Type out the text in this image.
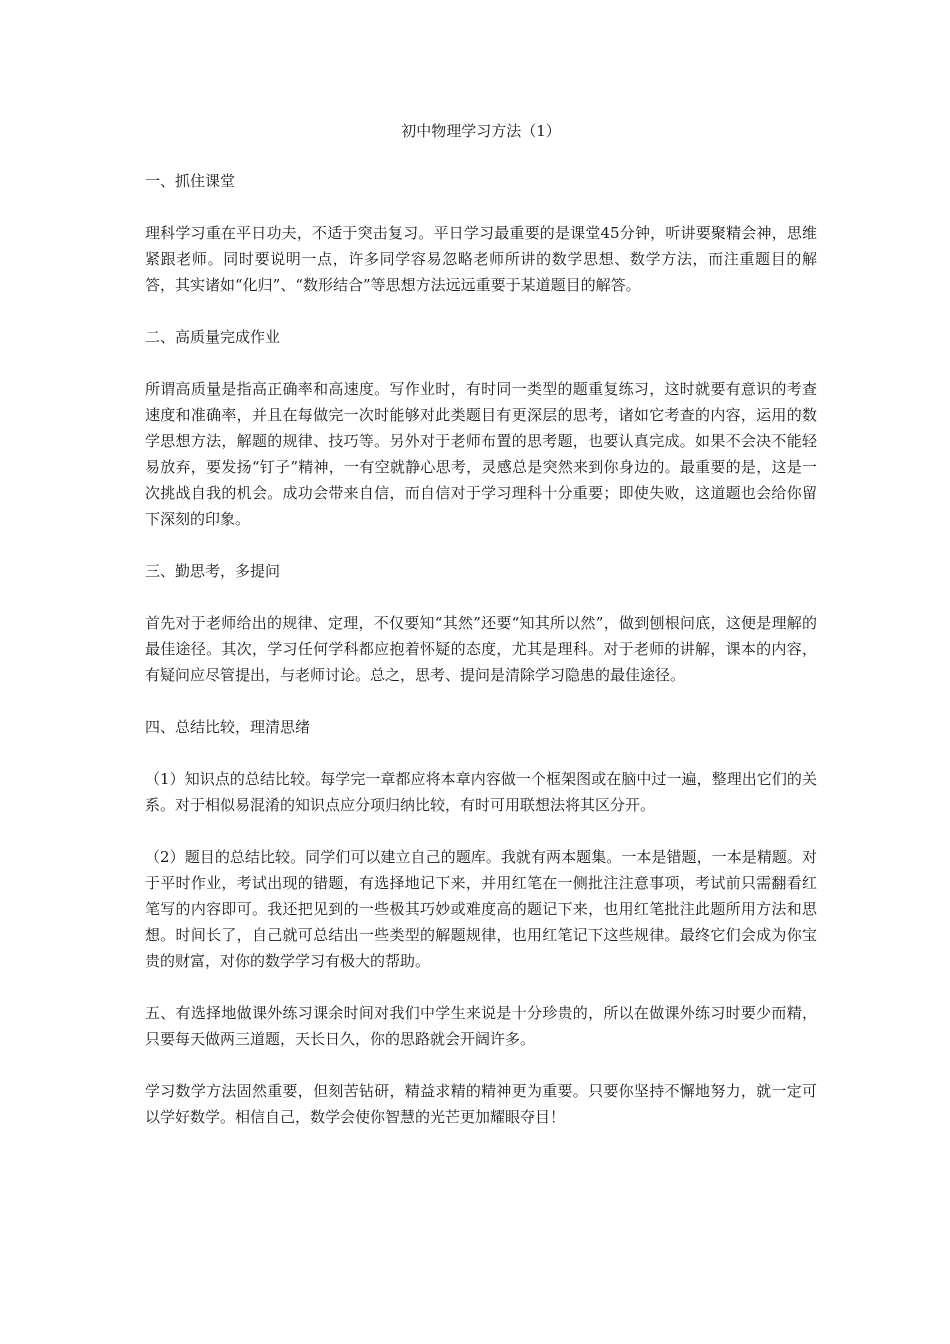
初中物理学习方法（1）
一、抓住课堂
理科学习重在平日功夫，不适于突击复习。平日学习最重要的是课堂45分钟，听讲要聚精会神，思维紧跟老师。同时要说明一点，许多同学容易忽略老师所讲的数学思想、数学方法，而注重题目的解答，其实诸如“化归”、“数形结合”等思想方法远远重要于某道题目的解答。
二、高质量完成作业
所谓高质量是指高正确率和高速度。写作业时，有时同一类型的题重复练习，这时就要有意识的考查速度和准确率，并且在每做完一次时能够对此类题目有更深层的思考，诸如它考查的内容，运用的数学思想方法，解题的规律、技巧等。另外对于老师布置的思考题，也要认真完成。如果不会决不能轻易放弃，要发扬“钉子”精神，一有空就静心思考，灵感总是突然来到你身边的。最重要的是，这是一次挑战自我的机会。成功会带来自信，而自信对于学习理科十分重要；即使失败，这道题也会给你留下深刻的印象。
三、勤思考，多提问
首先对于老师给出的规律、定理，不仅要知“其然”还要“知其所以然”，做到刨根问底，这便是理解的最佳途径。其次，学习任何学科都应抱着怀疑的态度，尤其是理科。对于老师的讲解，课本的内容，有疑问应尽管提出，与老师讨论。总之，思考、提问是清除学习隐患的最佳途径。
四、总结比较，理清思绪
（1）知识点的总结比较。每学完一章都应将本章内容做一个框架图或在脑中过一遍，整理出它们的关系。对于相似易混淆的知识点应分项归纳比较，有时可用联想法将其区分开。
（2）题目的总结比较。同学们可以建立自己的题库。我就有两本题集。一本是错题，一本是精题。对于平时作业，考试出现的错题，有选择地记下来，并用红笔在一侧批注注意事项，考试前只需翻看红笔写的内容即可。我还把见到的一些极其巧妙或难度高的题记下来，也用红笔批注此题所用方法和思想。时间长了，自己就可总结出一些类型的解题规律，也用红笔记下这些规律。最终它们会成为你宝贵的财富，对你的数学学习有极大的帮助。
五、有选择地做课外练习课余时间对我们中学生来说是十分珍贵的，所以在做课外练习时要少而精，只要每天做两三道题，天长日久，你的思路就会开阔许多。
学习数学方法固然重要，但刻苦钻研，精益求精的精神更为重要。只要你坚持不懈地努力，就一定可以学好数学。相信自己，数学会使你智慧的光芒更加耀眼夺目！
